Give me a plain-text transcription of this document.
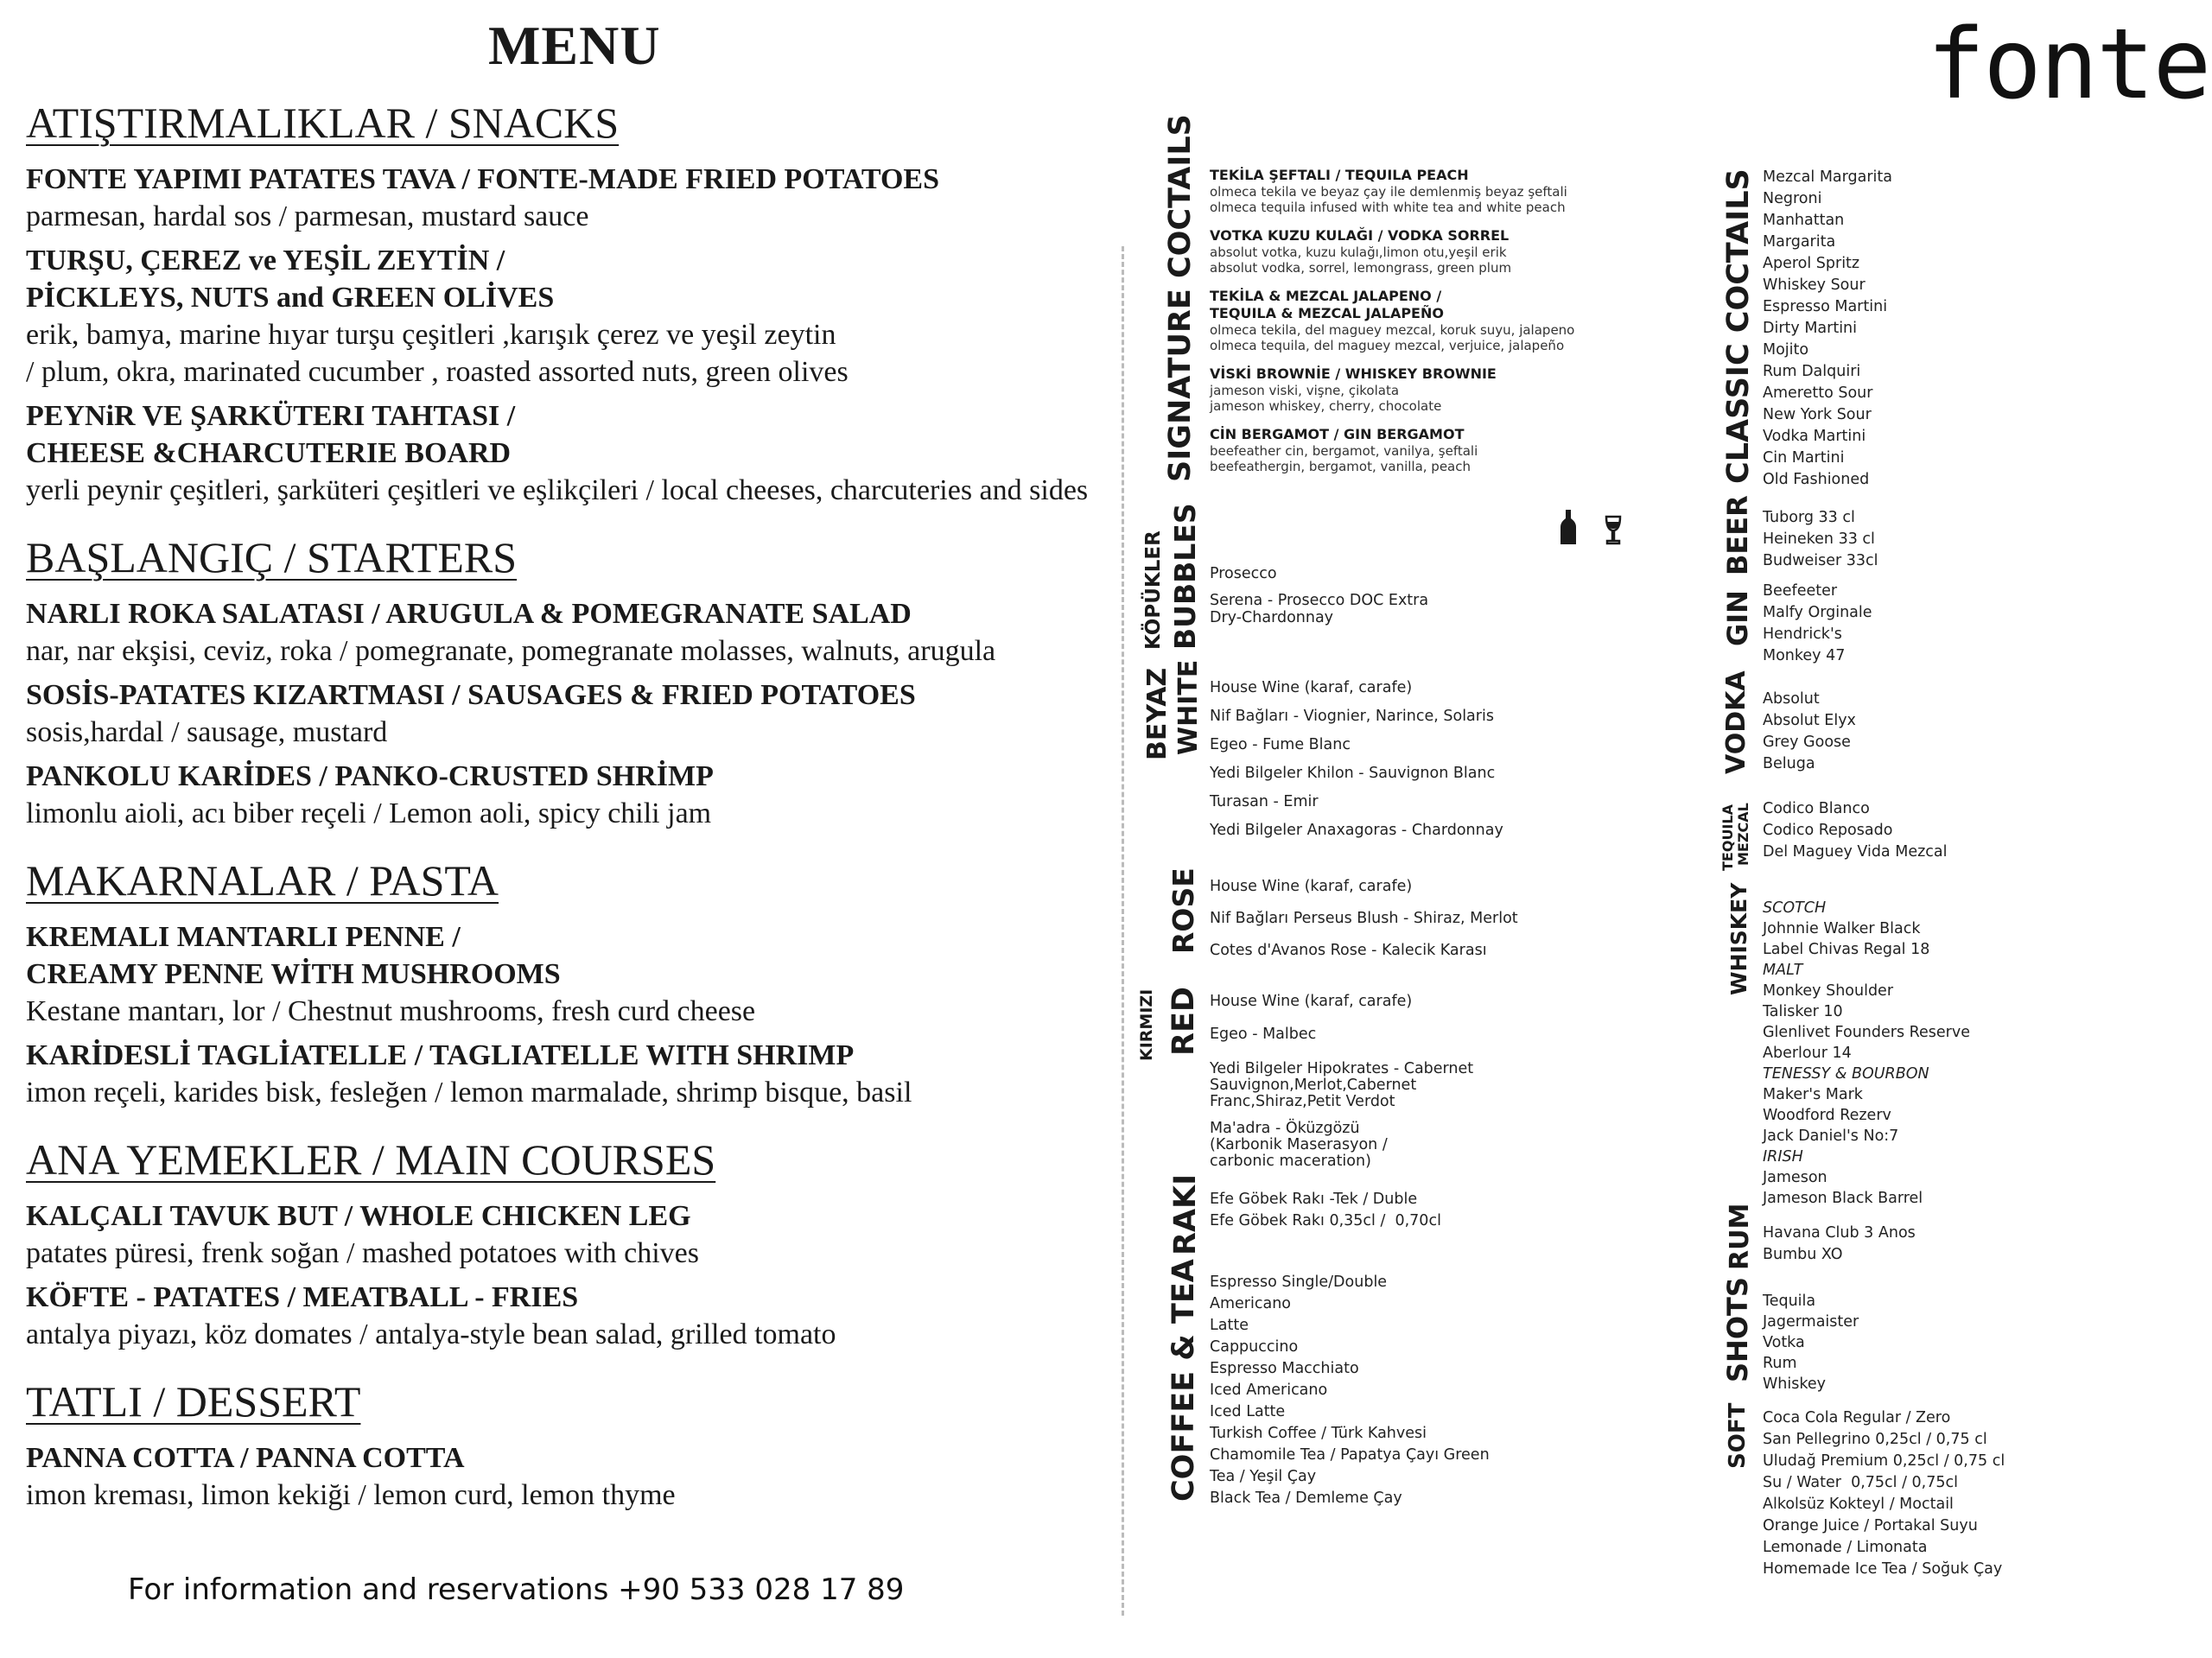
MENU
ATIŞTIRMALIKLAR / SNACKS
FONTE YAPIMI PATATES TAVA / FONTE-MADE FRIED POTATOES
parmesan, hardal sos / parmesan, mustard sauce
TURŞU, ÇEREZ ve YEŞİL ZEYTİN /
PİCKLEYS, NUTS and GREEN OLİVES
erik, bamya, marine hıyar turşu çeşitleri ,karışık çerez ve yeşil zeytin
/ plum, okra, marinated cucumber , roasted assorted nuts, green olives
PEYNiR VE ŞARKÜTERI TAHTASI /
CHEESE &CHARCUTERIE BOARD
yerli peynir çeşitleri, şarküteri çeşitleri ve eşlikçileri / local cheeses, charcuteries and sides
BAŞLANGIÇ / STARTERS
NARLI ROKA SALATASI / ARUGULA & POMEGRANATE SALAD
nar, nar ekşisi, ceviz, roka / pomegranate, pomegranate molasses, walnuts, arugula
SOSİS-PATATES KIZARTMASI / SAUSAGES & FRIED POTATOES
sosis,hardal / sausage, mustard
PANKOLU KARİDES / PANKO-CRUSTED SHRİMP
limonlu aioli, acı biber reçeli / Lemon aoli, spicy chili jam
MAKARNALAR / PASTA
KREMALI MANTARLI PENNE /
CREAMY PENNE WİTH MUSHROOMS
Kestane mantarı, lor / Chestnut mushrooms, fresh curd cheese
KARİDESLİ TAGLİATELLE / TAGLIATELLE WITH SHRIMP
imon reçeli, karides bisk, fesleğen / lemon marmalade, shrimp bisque, basil
ANA YEMEKLER / MAIN COURSES
KALÇALI TAVUK BUT / WHOLE CHICKEN LEG
patates püresi, frenk soğan / mashed potatoes with chives
KÖFTE - PATATES / MEATBALL - FRIES
antalya piyazı, köz domates / antalya-style bean salad, grilled tomato
TATLI / DESSERT
PANNA COTTA / PANNA COTTA
imon kreması, limon kekiği / lemon curd, lemon thyme
For information and reservations +90 533 028 17 89
fonte
SIGNATURE COCTAILS TEKİLA ŞEFTALI / TEQUILA PEACH
olmeca tekila ve beyaz çay ile demlenmiş beyaz şeftali
olmeca tequila infused with white tea and white peach
VOTKA KUZU KULAĞI / VODKA SORREL
absolut votka, kuzu kulağı,limon otu,yeşil erik
absolut vodka, sorrel, lemongrass, green plum
TEKİLA & MEZCAL JALAPENO /
TEQUILA & MEZCAL JALAPEÑO
olmeca tekila, del maguey mezcal, koruk suyu, jalapeno
olmeca tequila, del maguey mezcal, verjuice, jalapeño
VİSKİ BROWNİE / WHISKEY BROWNIE
jameson viski, vişne, çikolata
jameson whiskey, cherry, chocolate
CİN BERGAMOT / GIN BERGAMOT
beefeather cin, bergamot, vanilya, şeftali
beefeathergin, bergamot, vanilla, peach
KÖPÜKLER BUBBLES Prosecco
Serena - Prosecco DOC Extra
Dry-Chardonnay
BEYAZ WHITE House Wine (karaf, carafe)
Nif Bağları - Viognier, Narince, Solaris
Egeo - Fume Blanc
Yedi Bilgeler Khilon - Sauvignon Blanc
Turasan - Emir
Yedi Bilgeler Anaxagoras - Chardonnay
ROSE House Wine (karaf, carafe)
Nif Bağları Perseus Blush - Shiraz, Merlot
Cotes d'Avanos Rose - Kalecik Karası
KIRMIZI RED House Wine (karaf, carafe)
Egeo - Malbec
Yedi Bilgeler Hipokrates - Cabernet
Sauvignon,Merlot,Cabernet
Franc,Shiraz,Petit Verdot
Ma'adra - Öküzgözü
(Karbonik Maserasyon /
carbonic maceration)
RAKI Efe Göbek Rakı -Tek / Duble
Efe Göbek Rakı 0,35cl /  0,70cl
COFFEE & TEA Espresso Single/Double
Americano
Latte
Cappuccino
Espresso Macchiato
Iced Americano
Iced Latte
Turkish Coffee / Türk Kahvesi
Chamomile Tea / Papatya Çayı Green
Tea / Yeşil Çay
Black Tea / Demleme Çay
CLASSIC COCTAILS Mezcal Margarita
Negroni
Manhattan
Margarita
Aperol Spritz
Whiskey Sour
Espresso Martini
Dirty Martini
Mojito
Rum Dalquiri
Ameretto Sour
New York Sour
Vodka Martini
Cin Martini
Old Fashioned
GIN
BEER Tuborg 33 cl
Heineken 33 cl
Budweiser 33cl
Beefeeter
Malfy Orginale
Hendrick's
Monkey 47
VODKA Absolut
Absolut Elyx
Grey Goose
Beluga
TEQUILA MEZCAL Codico Blanco
Codico Reposado
Del Maguey Vida Mezcal
WHISKEY SCOTCH
Johnnie Walker Black
Label Chivas Regal 18
MALT
Monkey Shoulder
Talisker 10
Glenlivet Founders Reserve
Aberlour 14
TENESSY & BOURBON
Maker's Mark
Woodford Rezerv
Jack Daniel's No:7
IRISH
Jameson
Jameson Black Barrel
RUM Havana Club 3 Anos
Bumbu XO
SHOTS Tequila
Jagermaister
Votka
Rum
Whiskey
SOFT Coca Cola Regular / Zero
San Pellegrino 0,25cl / 0,75 cl
Uludağ Premium 0,25cl / 0,75 cl
Su / Water  0,75cl / 0,75cl
Alkolsüz Kokteyl / Moctail
Orange Juice / Portakal Suyu
Lemonade / Limonata
Homemade Ice Tea / Soğuk Çay
